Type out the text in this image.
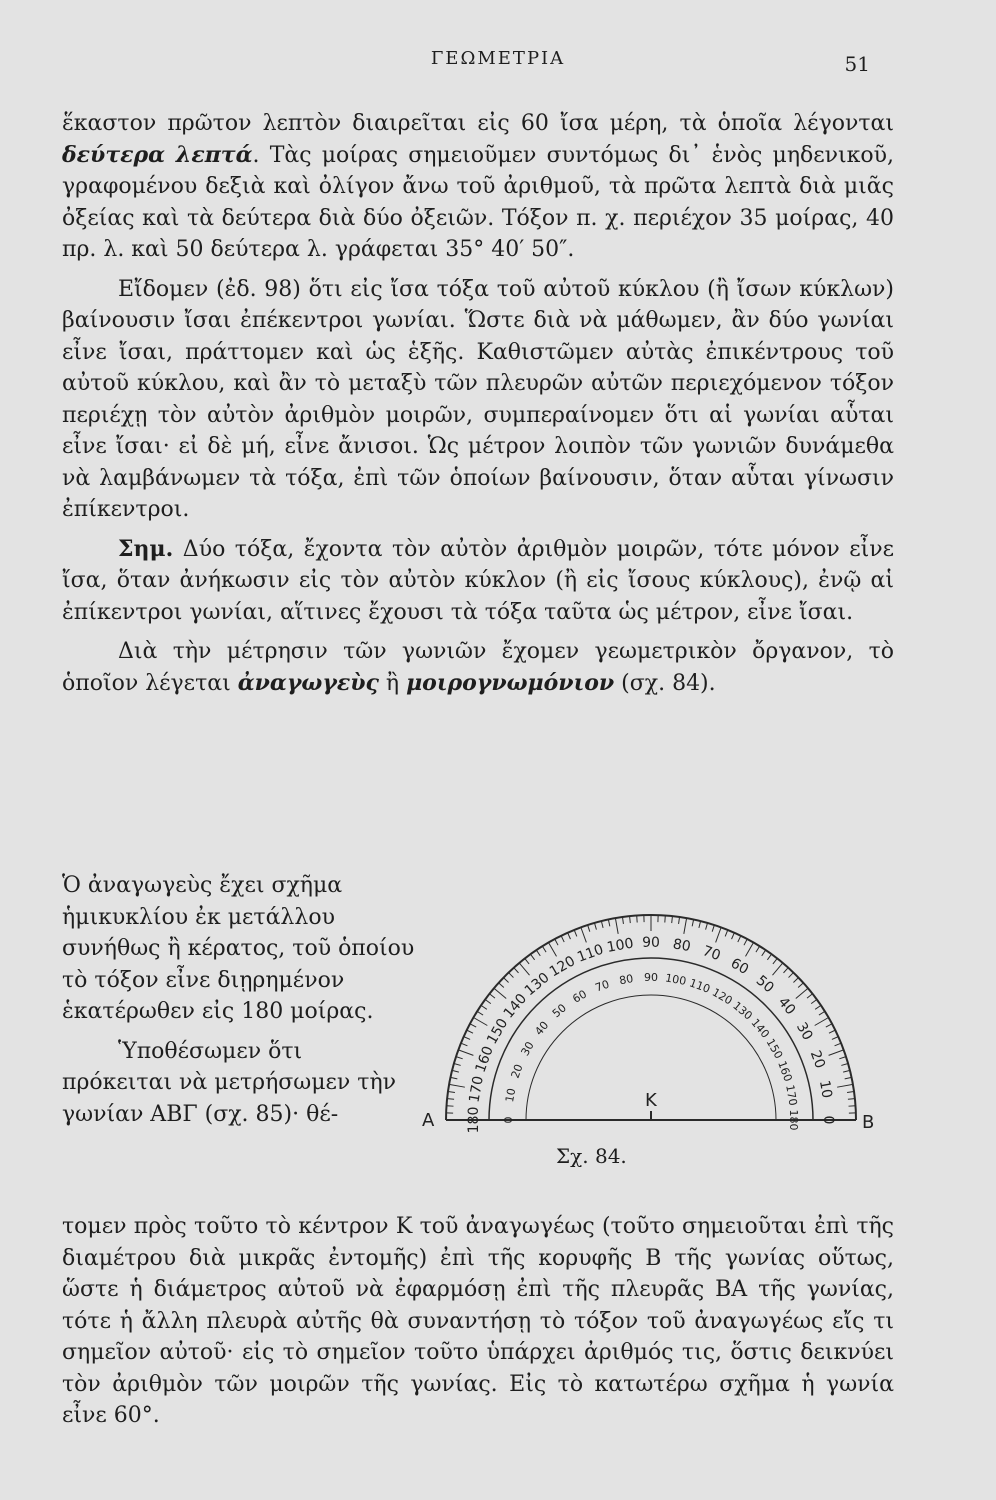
ΓΕΩΜΕΤΡΙΑ	51

ἕκαστον πρῶτον λεπτὸν διαιρεῖται εἰς 60 ἴσα μέρη, τὰ ὁποῖα λέγονται δεύτερα λεπτά. Τὰς μοίρας σημειοῦμεν συντόμως δι᾽ ἑνὸς μηδενικοῦ, γραφομένου δεξιὰ καὶ ὀλίγον ἄνω τοῦ ἀριθμοῦ, τὰ πρῶτα λεπτὰ διὰ μιᾶς ὀξείας καὶ τὰ δεύτερα διὰ δύο ὀξειῶν. Τόξον π. χ. περιέχον 35 μοίρας, 40 πρ. λ. καὶ 50 δεύτερα λ. γράφεται 35° 40′ 50″.

Εἴδομεν (ἐδ. 98) ὅτι εἰς ἴσα τόξα τοῦ αὐτοῦ κύκλου (ἢ ἴσων κύκλων) βαίνουσιν ἴσαι ἐπέκεντροι γωνίαι. Ὥστε διὰ νὰ μάθωμεν, ἂν δύο γωνίαι εἶνε ἴσαι, πράττομεν καὶ ὡς ἑξῆς. Καθιστῶμεν αὐτὰς ἐπικέντρους τοῦ αὐτοῦ κύκλου, καὶ ἂν τὸ μεταξὺ τῶν πλευρῶν αὐτῶν περιεχόμενον τόξον περιέχῃ τὸν αὐτὸν ἀριθμὸν μοιρῶν, συμπεραίνομεν ὅτι αἱ γωνίαι αὗται εἶνε ἴσαι· εἰ δὲ μή, εἶνε ἄνισοι. Ὡς μέτρον λοιπὸν τῶν γωνιῶν δυνάμεθα νὰ λαμβάνωμεν τὰ τόξα, ἐπὶ τῶν ὁποίων βαίνουσιν, ὅταν αὗται γίνωσιν ἐπίκεντροι.

Σημ. Δύο τόξα, ἔχοντα τὸν αὐτὸν ἀριθμὸν μοιρῶν, τότε μόνον εἶνε ἴσα, ὅταν ἀνήκωσιν εἰς τὸν αὐτὸν κύκλον (ἢ εἰς ἴσους κύκλους), ἐνῷ αἱ ἐπίκεντροι γωνίαι, αἵτινες ἔχουσι τὰ τόξα ταῦτα ὡς μέτρον, εἶνε ἴσαι.

Διὰ τὴν μέτρησιν τῶν γωνιῶν ἔχομεν γεωμετρικὸν ὄργανον, τὸ ὁποῖον λέγεται ἀναγωγεὺς ἢ μοιρογνωμόνιον (σχ. 84).

Ὁ ἀναγωγεὺς ἔχει σχῆμα ἡμικυκλίου ἐκ μετάλλου συνήθως ἢ κέρατος, τοῦ ὁποίου τὸ τόξον εἶνε διῃρημένον ἑκατέρωθεν εἰς 180 μοίρας.

Ὑποθέσωμεν ὅτι πρόκειται νὰ μετρήσωμεν τὴν γωνίαν ΑΒΓ (σχ. 85)· θέ-

τομεν πρὸς τοῦτο τὸ κέντρον Κ τοῦ ἀναγωγέως (τοῦτο σημειοῦται ἐπὶ τῆς διαμέτρου διὰ μικρᾶς ἐντομῆς) ἐπὶ τῆς κορυφῆς Β τῆς γωνίας οὕτως, ὥστε ἡ διάμετρος αὐτοῦ νὰ ἐφαρμόσῃ ἐπὶ τῆς πλευρᾶς ΒΑ τῆς γωνίας, τότε ἡ ἄλλη πλευρὰ αὐτῆς θὰ συναντήσῃ τὸ τόξον τοῦ ἀναγωγέως εἴς τι σημεῖον αὐτοῦ· εἰς τὸ σημεῖον τοῦτο ὑπάρχει ἀριθμός τις, ὅστις δεικνύει τὸν ἀριθμὸν τῶν μοιρῶν τῆς γωνίας. Εἰς τὸ κατωτέρω σχῆμα ἡ γωνία εἶνε 60°.

180
170
160
150
140
130
120
110 100 90 80 70
60
50
40
30
20
10
0
0
10
20
30
40
50
60
70 80 90 100 110
120
130
140
150
160
170
180
Α	Β
Κ
Σχ. 84.
